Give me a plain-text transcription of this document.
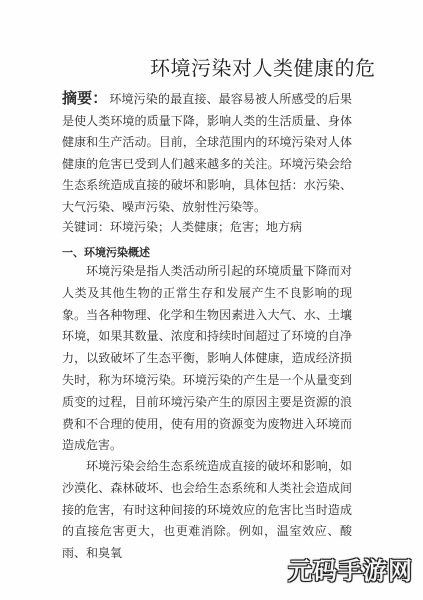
环境污染对人类健康的危
摘要： 环境污染的最直接、最容易被人所感受的后果是使人类环境的质量下降，影响人类的生活质量、身体健康和生产活动。目前，全球范围内的环境污染对人体健康的危害已受到人们越来越多的关注。环境污染会给生态系统造成直接的破坏和影响，具体包括：水污染、大气污染、噪声污染、放射性污染等。
关键词：环境污染；人类健康；危害；地方病
一、环境污染概述

环境污染是指人类活动所引起的环境质量下降而对人类及其他生物的正常生存和发展产生不良影响的现象。当各种物理、化学和生物因素进入大气、水、土壤环境，如果其数量、浓度和持续时间超过了环境的自净力，以致破坏了生态平衡，影响人体健康，造成经济损失时，称为环境污染。环境污染的产生是一个从量变到质变的过程，目前环境污染产生的原因主要是资源的浪费和不合理的使用，使有用的资源变为废物进入环境而造成危害。

环境污染会给生态系统造成直接的破坏和影响，如沙漠化、森林破坏、也会给生态系统和人类社会造成间接的危害，有时这种间接的环境效应的危害比当时造成的直接危害更大，也更难消除。例如，温室效应、酸雨、和臭氧

元码手游网
